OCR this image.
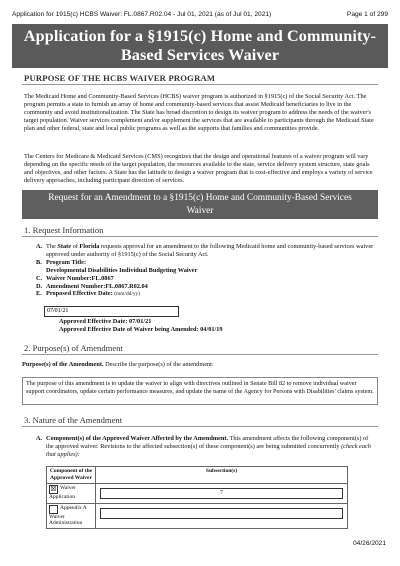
Application for 1915(c) HCBS Waiver: FL.0867.R02.04 - Jul 01, 2021 (as of Jul 01, 2021)	Page 1 of 299
Application for a §1915(c) Home and Community-
Based Services Waiver
PURPOSE OF THE HCBS WAIVER PROGRAM
The Medicaid Home and Community-Based Services (HCBS) waiver program is authorized in §1915(c) of the Social Security Act. The program permits a state to furnish an array of home and community-based services that assist Medicaid beneficiaries to live in the community and avoid institutionalization. The State has broad discretion to design its waiver program to address the needs of the waiver's target population. Waiver services complement and/or supplement the services that are available to participants through the Medicaid State plan and other federal, state and local public programs as well as the supports that families and communities provide.
The Centers for Medicare & Medicaid Services (CMS) recognizes that the design and operational features of a waiver program will vary depending on the specific needs of the target population, the resources available to the state, service delivery system structure, state goals and objectives, and other factors. A State has the latitude to design a waiver program that is cost-effective and employs a variety of service delivery approaches, including participant direction of services.
Request for an Amendment to a §1915(c) Home and Community-Based Services
Waiver
1. Request Information
A. The State of Florida requests approval for an amendment to the following Medicaid home and community-based services waiver approved under authority of §1915(c) of the Social Security Act.
B. Program Title:
Developmental Disabilities Individual Budgeting Waiver
C. Waiver Number:FL.0867
D. Amendment Number:FL.0867.R02.04
E. Proposed Effective Date: (mm/dd/yy)
07/01/21
Approved Effective Date: 07/01/21
Approved Effective Date of Waiver being Amended: 04/01/19
2. Purpose(s) of Amendment
Purpose(s) of the Amendment. Describe the purpose(s) of the amendment:
The purpose of this amendment is to update the waiver to align with directives outlined in Senate Bill 82 to remove individual waiver support coordinators, update certain performance measures, and update the name of the Agency for Persons with Disabilities' claims system.
3. Nature of the Amendment
A. Component(s) of the Approved Waiver Affected by the Amendment. This amendment affects the following component(s) of the approved waiver. Revisions to the affected subsection(s) of these component(s) are being submitted concurrently (check each that applies):
Component of the Approved Waiver	Subsection(s)
☒ Waiver Application	7

Appendix A Waiver Administration	
04/26/2021
